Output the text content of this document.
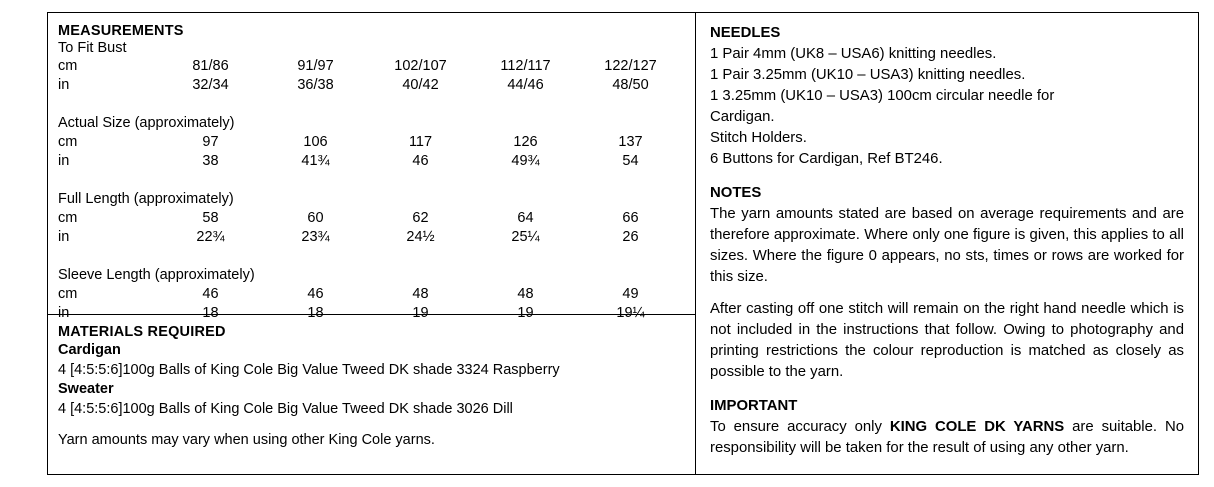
MEASUREMENTS
To Fit Bust
cm	81/86	91/97	102/107	112/117	122/127
in	32/34	36/38	40/42	44/46	48/50

Actual Size (approximately)					
cm	97	106	117	126	137
in	38	41¾	46	49¾	54

Full Length (approximately)					
cm	58	60	62	64	66
in	22¾	23¾	24½	25¼	26

Sleeve Length (approximately)					
cm	46	46	48	48	49
in	18	18	19	19	19¼
MATERIALS REQUIRED
Cardigan
4 [4:5:5:6]100g Balls of King Cole Big Value Tweed DK shade 3324 Raspberry
Sweater
4 [4:5:5:6]100g Balls of King Cole Big Value Tweed DK shade 3026 Dill
Yarn amounts may vary when using other King Cole yarns.
NEEDLES
1 Pair 4mm (UK8 – USA6) knitting needles.
1 Pair 3.25mm (UK10 – USA3) knitting needles.
1 3.25mm (UK10 – USA3) 100cm circular needle for
Cardigan.
Stitch Holders.
6 Buttons for Cardigan, Ref BT246.
NOTES
The yarn amounts stated are based on average requirements and are therefore approximate. Where only one figure is given, this applies to all sizes. Where the figure 0 appears, no sts, times or rows are worked for this size.
After casting off one stitch will remain on the right hand needle which is not included in the instructions that follow. Owing to photography and printing restrictions the colour reproduction is matched as closely as possible to the yarn.
IMPORTANT
To ensure accuracy only KING COLE DK YARNS are suitable. No responsibility will be taken for the result of using any other yarn.
